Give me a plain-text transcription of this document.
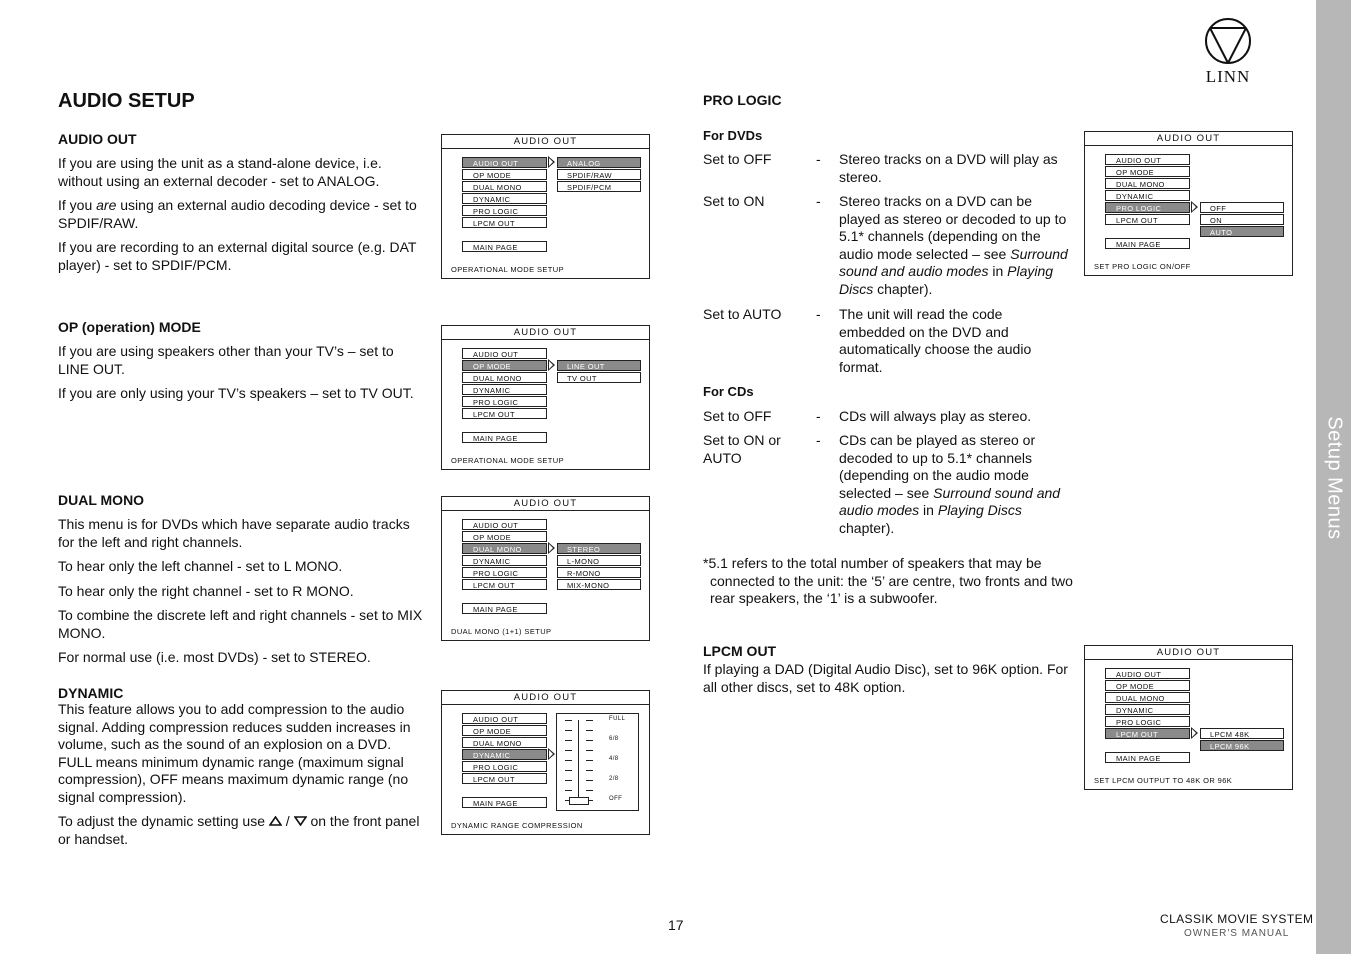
Setup Menus
LINN
AUDIO SETUP
AUDIO OUT

If you are using the unit as a stand-alone device, i.e. without using an external decoder - set to ANALOG.

If you are using an external audio decoding device - set to SPDIF/RAW.

If you are recording to an external digital source (e.g. DAT player) - set to SPDIF/PCM.

OP (operation) MODE

If you are using speakers other than your TV’s – set to LINE OUT.

If you are only using your TV’s speakers – set to TV OUT.

DUAL MONO

This menu is for DVDs which have separate audio tracks for the left and right channels.

To hear only the left channel - set to L MONO.

To hear only the right channel - set to R MONO.

To combine the discrete left and right channels - set to MIX MONO.

For normal use (i.e. most DVDs) - set to STEREO.

DYNAMIC

This feature allows you to add compression to the audio signal. Adding compression reduces sudden increases in volume, such as the sound of an explosion on a DVD. FULL means minimum dynamic range (maximum signal compression), OFF means maximum dynamic range (no signal compression).

To adjust the dynamic setting use  /  on the front panel or handset.

AUDIO OUT
OPERATIONAL MODE SETUP
AUDIO OUT
OP MODE
DUAL MONO
DYNAMIC
PRO LOGIC
LPCM OUT
MAIN PAGE
ANALOG
SPDIF/RAW
SPDIF/PCM
AUDIO OUT
OPERATIONAL MODE SETUP
AUDIO OUT
OP MODE
DUAL MONO
DYNAMIC
PRO LOGIC
LPCM OUT
MAIN PAGE
LINE OUT
TV OUT
AUDIO OUT
DUAL MONO (1+1) SETUP
AUDIO OUT
OP MODE
DUAL MONO
DYNAMIC
PRO LOGIC
LPCM OUT
MAIN PAGE
STEREO
L-MONO
R-MONO
MIX-MONO
AUDIO OUT
DYNAMIC RANGE COMPRESSION
AUDIO OUT
OP MODE
DUAL MONO
DYNAMIC
PRO LOGIC
LPCM OUT
MAIN PAGE
FULL
6/8
4/8
2/8
OFF
PRO LOGIC
For DVDs
Set to OFF	- Stereo tracks on a DVD will play as stereo.
Set to ON	- Stereo tracks on a DVD can be played as stereo or decoded to up to 5.1* channels (depending on the audio mode selected – see Surround sound and audio modes in Playing Discs chapter).
Set to AUTO - The unit will read the code embedded on the DVD and automatically choose the audio format.
For CDs
Set to OFF	- CDs will always play as stereo.
Set to ON or AUTO
- CDs can be played as stereo or decoded to up to 5.1* channels (depending on the audio mode selected – see Surround sound and audio modes in Playing Discs chapter).
*5.1 refers to the total number of speakers that may be connected to the unit: the ‘5’ are centre, two fronts and two rear speakers, the ‘1’ is a subwoofer.
LPCM OUT
If playing a DAD (Digital Audio Disc), set to 96K option. For all other discs, set to 48K option.
AUDIO OUT
SET PRO LOGIC ON/OFF
AUDIO OUT
OP MODE
DUAL MONO
DYNAMIC
PRO LOGIC
LPCM OUT
MAIN PAGE
OFF
ON
AUTO
AUDIO OUT
SET LPCM OUTPUT TO 48K OR 96K
AUDIO OUT
OP MODE
DUAL MONO
DYNAMIC
PRO LOGIC
LPCM OUT
MAIN PAGE
LPCM 48K
LPCM 96K
17	CLASSIK MOVIE SYSTEM
OWNER'S MANUAL
